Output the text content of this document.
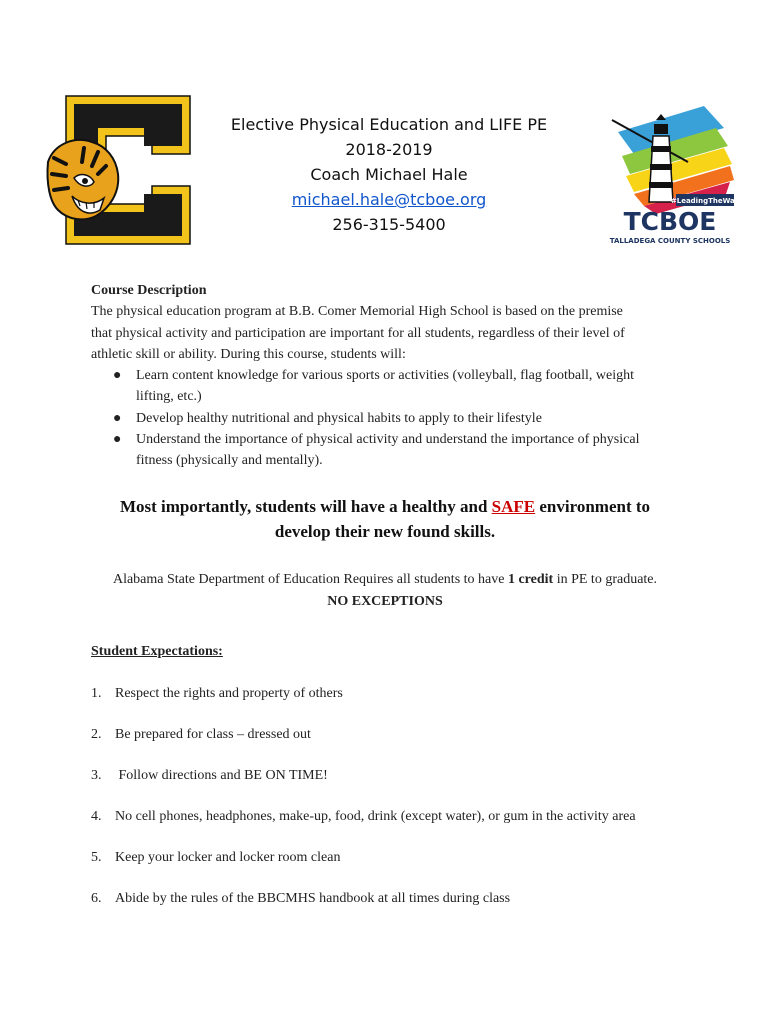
Elective Physical Education and LIFE PE
2018-2019
Coach Michael Hale
michael.hale@tcboe.org
256-315-5400
#LeadingTheWay
TCBOE
TALLADEGA COUNTY SCHOOLS
Course Description
The physical education program at B.B. Comer Memorial High School is based on the premise
that physical activity and participation are important for all students, regardless of their level of
athletic skill or ability. During this course, students will:
● Learn content knowledge for various sports or activities (volleyball, flag football, weight
lifting, etc.)
● Develop healthy nutritional and physical habits to apply to their lifestyle
● Understand the importance of physical activity and understand the importance of physical
fitness (physically and mentally).
Most importantly, students will have a healthy and SAFE environment to
develop their new found skills.
Alabama State Department of Education Requires all students to have 1 credit in PE to graduate.
NO EXCEPTIONS
Student Expectations:
1. Respect the rights and property of others
2. Be prepared for class – dressed out
3. Follow directions and BE ON TIME!
4. No cell phones, headphones, make-up, food, drink (except water), or gum in the activity area
5. Keep your locker and locker room clean
6. Abide by the rules of the BBCMHS handbook at all times during class
